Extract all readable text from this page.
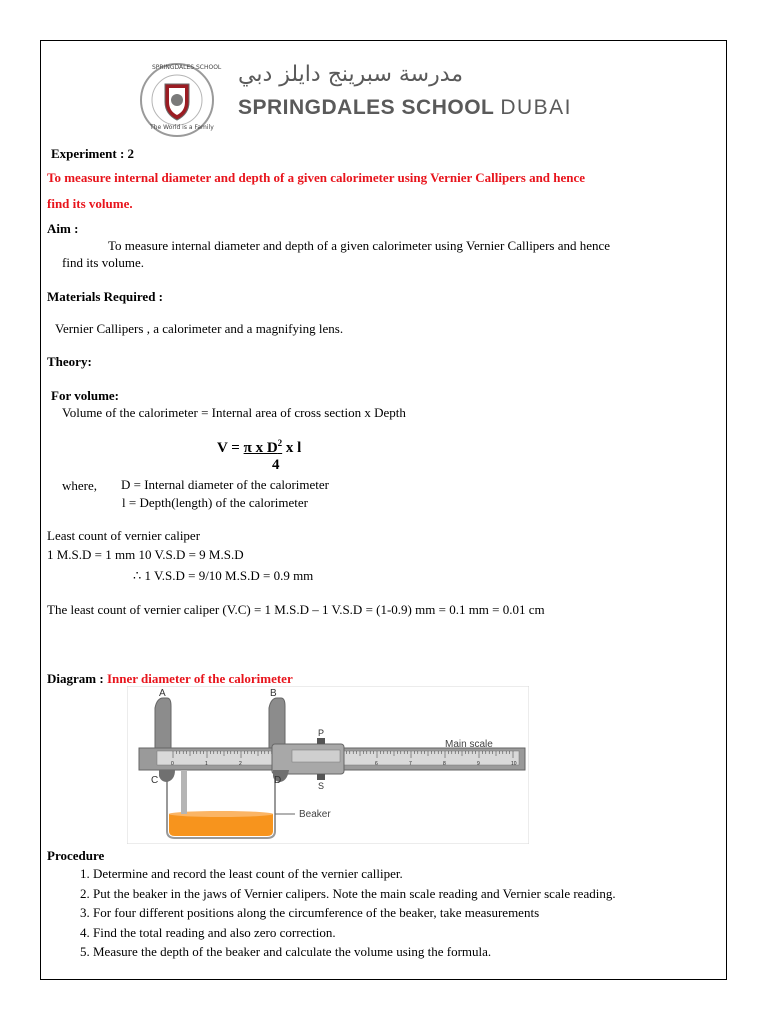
SPRINGDALES SCHOOL
The World is a Family
مدرسة سبرينج دايلز دبي
SPRINGDALES SCHOOL DUBAI
Experiment : 2
To measure internal diameter and depth of a given calorimeter using Vernier Callipers and hence
find its volume.
Aim :
To measure internal diameter and depth of a given calorimeter using Vernier Callipers and hence
find its volume.
Materials Required :
Vernier Callipers , a calorimeter and a magnifying lens.
Theory:
For volume:
Volume of the calorimeter = Internal area of cross section x Depth
V = π x $D^2$ x l
4
where, D = Internal diameter of the calorimeter
l = Depth(length) of the calorimeter
Least count of vernier caliper
1 M.S.D = 1 mm 10 V.S.D = 9 M.S.D
∴ 1 V.S.D = 9/10 M.S.D = 0.9 mm
The least count of vernier caliper (V.C) = 1 M.S.D – 1 V.S.D = (1-0.9) mm = 0.1 mm = 0.01 cm
Diagram : Inner diameter of the calorimeter
0	1	2	6	7	8	9	10
A	B
C	D
P
S
Main scale
Beaker
Procedure
1. Determine and record the least count of the vernier calliper.
2. Put the beaker in the jaws of Vernier calipers. Note the main scale reading and Vernier scale reading.
3. For four different positions along the circumference of the beaker, take measurements
4. Find the total reading and also zero correction.
5. Measure the depth of the beaker and calculate the volume using the formula.
